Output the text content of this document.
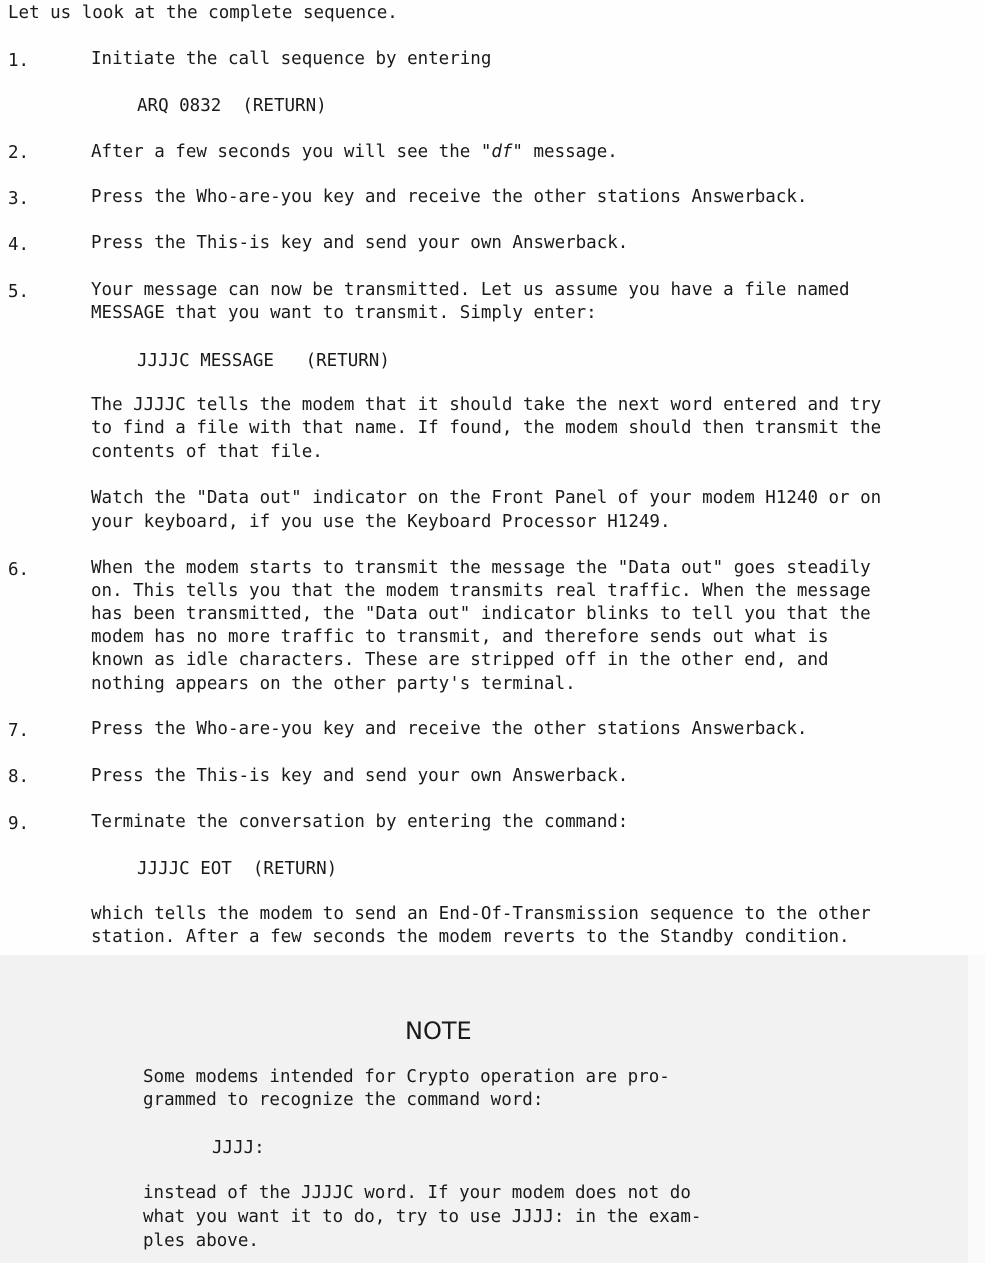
Let us look at the complete sequence.
1.	Initiate the call sequence by entering
ARQ 0832  (RETURN)
2.	After a few seconds you will see the "df" message.
3.	Press the Who-are-you key and receive the other stations Answerback.
4.	Press the This-is key and send your own Answerback.
5.	Your message can now be transmitted. Let us assume you have a file named
MESSAGE that you want to transmit. Simply enter:
JJJJC MESSAGE   (RETURN)
The JJJJC tells the modem that it should take the next word entered and try
to find a file with that name. If found, the modem should then transmit the
contents of that file.
Watch the "Data out" indicator on the Front Panel of your modem H1240 or on
your keyboard, if you use the Keyboard Processor H1249.
6.	When the modem starts to transmit the message the "Data out" goes steadily
on. This tells you that the modem transmits real traffic. When the message
has been transmitted, the "Data out" indicator blinks to tell you that the
modem has no more traffic to transmit, and therefore sends out what is
known as idle characters. These are stripped off in the other end, and
nothing appears on the other party's terminal.
7.	Press the Who-are-you key and receive the other stations Answerback.
8.	Press the This-is key and send your own Answerback.
9.	Terminate the conversation by entering the command:
JJJJC EOT  (RETURN)
which tells the modem to send an End-Of-Transmission sequence to the other
station. After a few seconds the modem reverts to the Standby condition.
NOTE
Some modems intended for Crypto operation are pro-
grammed to recognize the command word:
JJJJ:
instead of the JJJJC word. If your modem does not do
what you want it to do, try to use JJJJ: in the exam-
ples above.
